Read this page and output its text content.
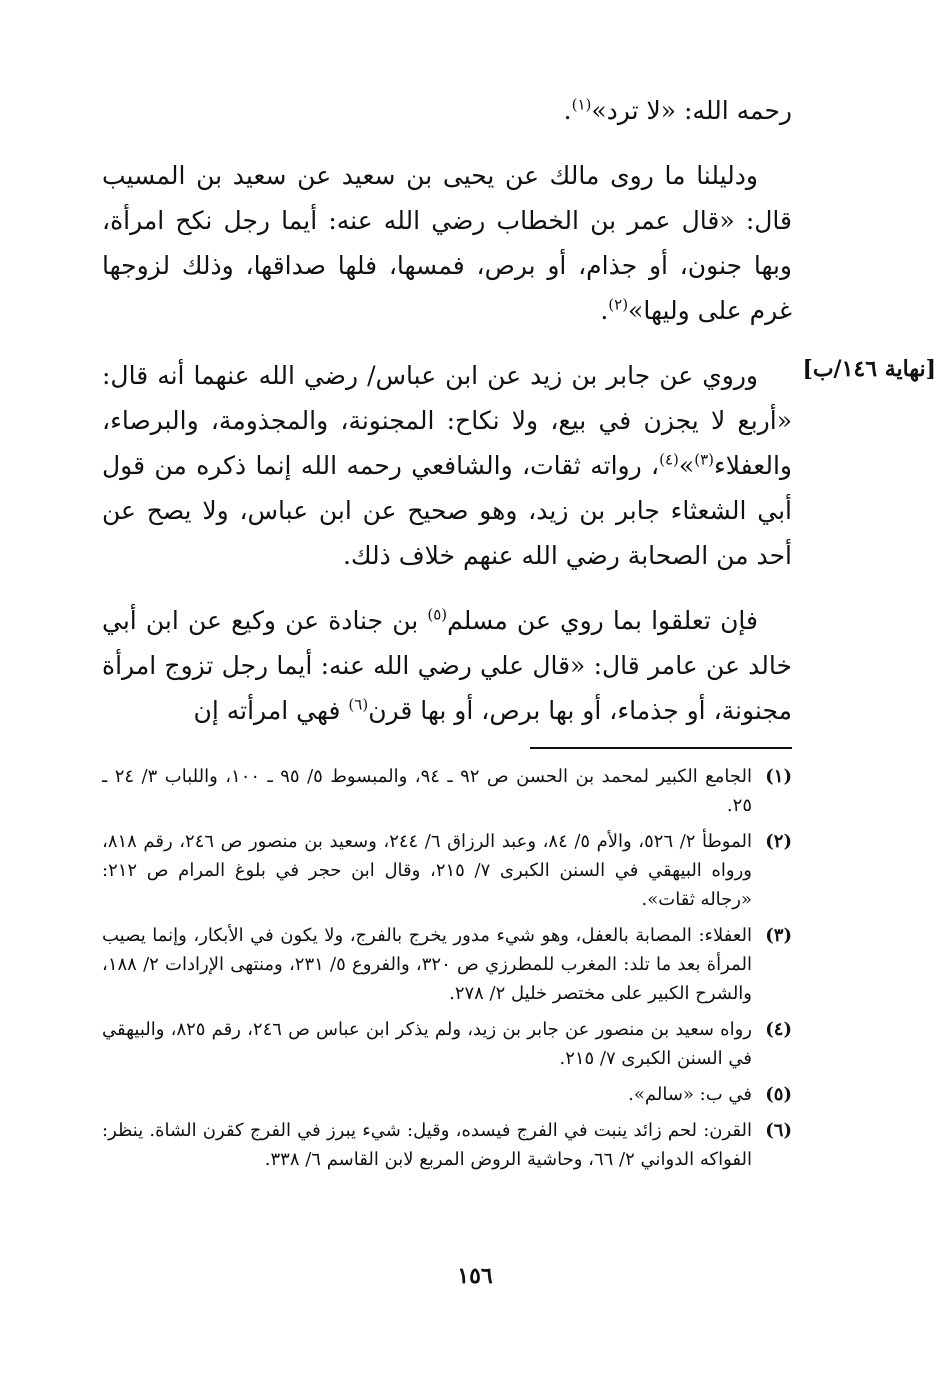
رحمه الله: «لا ترد»$^{(١)}$.

ودليلنا ما روى مالك عن يحيى بن سعيد عن سعيد بن المسيب قال: «قال عمر بن الخطاب رضي الله عنه: أيما رجل نكح امرأة، وبها جنون، أو جذام، أو برص، فمسها، فلها صداقها، وذلك لزوجها غرم على وليها»$^{(٢)}$.

وروي عن جابر بن زيد عن ابن عباس/ رضي الله عنهما أنه قال: «أربع لا يجزن في بيع، ولا نكاح: المجنونة، والمجذومة، والبرصاء، والعفلاء$^{(٣)}$»$^{(٤)}$، رواته ثقات، والشافعي رحمه الله إنما ذكره من قول أبي الشعثاء جابر بن زيد، وهو صحيح عن ابن عباس، ولا يصح عن أحد من الصحابة رضي الله عنهم خلاف ذلك.

فإن تعلقوا بما روي عن مسلم$^{(٥)}$ بن جنادة عن وكيع عن ابن أبي خالد عن عامر قال: «قال علي رضي الله عنه: أيما رجل تزوج امرأة مجنونة، أو جذماء، أو بها برص، أو بها قرن$^{(٦)}$ فهي امرأته إن

[نهاية ١٤٦/ب]
(١)
الجامع الكبير لمحمد بن الحسن ص ٩٢ ـ ٩٤، والمبسوط ٥/ ٩٥ ـ ١٠٠، واللباب ٣/ ٢٤ ـ ٢٥.
(٢)
الموطأ ٢/ ٥٢٦، والأم ٥/ ٨٤، وعبد الرزاق ٦/ ٢٤٤، وسعيد بن منصور ص ٢٤٦، رقم ٨١٨، ورواه البيهقي في السنن الكبرى ٧/ ٢١٥، وقال ابن حجر في بلوغ المرام ص ٢١٢: «رجاله ثقات».
(٣)
العفلاء: المصابة بالعفل، وهو شيء مدور يخرج بالفرج، ولا يكون في الأبكار، وإنما يصيب المرأة بعد ما تلد: المغرب للمطرزي ص ٣٢٠، والفروع ٥/ ٢٣١، ومنتهى الإرادات ٢/ ١٨٨، والشرح الكبير على مختصر خليل ٢/ ٢٧٨.
(٤)
رواه سعيد بن منصور عن جابر بن زيد، ولم يذكر ابن عباس ص ٢٤٦، رقم ٨٢٥، والبيهقي في السنن الكبرى ٧/ ٢١٥.
(٥)
في ب: «سالم».
(٦)
القرن: لحم زائد ينبت في الفرج فيسده، وقيل: شيء يبرز في الفرج كقرن الشاة. ينظر: الفواكه الدواني ٢/ ٦٦، وحاشية الروض المربع لابن القاسم ٦/ ٣٣٨.
١٥٦
